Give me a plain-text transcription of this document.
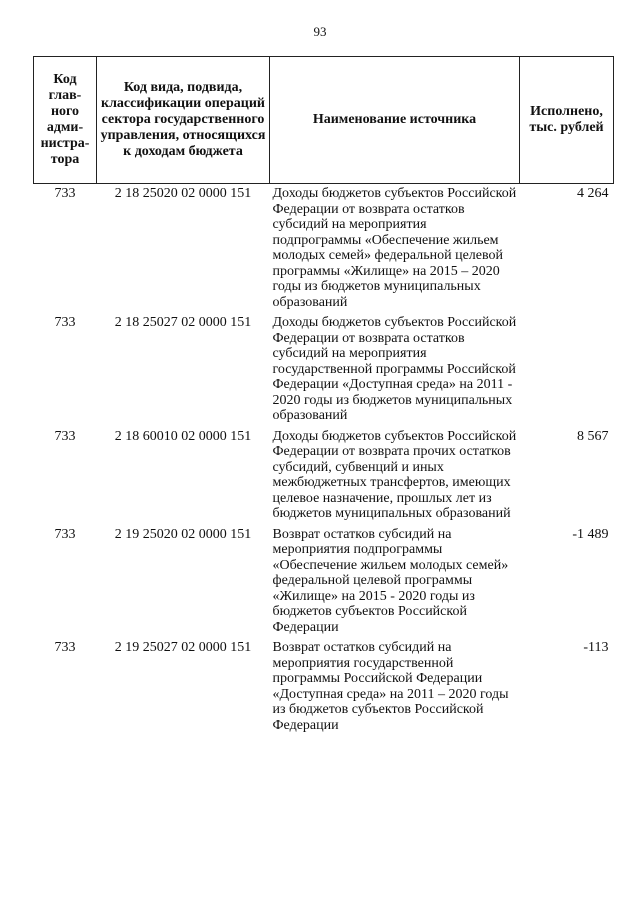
93
Код глав-ного адми-нистра-тора	Код вида, подвида, классификации операций сектора государственного управления, относящихся к доходам бюджета	Наименование источника	Исполнено, тыс. рублей
733	2 18 25020 02 0000 151	Доходы бюджетов субъектов Российской Федерации от возврата остатков субсидий на мероприятия подпрограммы «Обеспечение жильем молодых семей» федеральной целевой программы «Жилище» на 2015 – 2020 годы из бюджетов муниципальных образований	4 264
733	2 18 25027 02 0000 151	Доходы бюджетов субъектов Российской Федерации от возврата остатков субсидий на мероприятия государственной программы Российской Федерации «Доступная среда» на 2011 - 2020 годы из бюджетов муниципальных образований	
733	2 18 60010 02 0000 151	Доходы бюджетов субъектов Российской Федерации от возврата прочих остатков субсидий, субвенций и иных межбюджетных трансфертов, имеющих целевое назначение, прошлых лет из бюджетов муниципальных образований	8 567
733	2 19 25020 02 0000 151	Возврат остатков субсидий на мероприятия подпрограммы «Обеспечение жильем молодых семей» федеральной целевой программы «Жилище» на 2015 - 2020 годы из бюджетов субъектов Российской Федерации	-1 489
733	2 19 25027 02 0000 151	Возврат остатков субсидий на мероприятия государственной программы Российской Федерации «Доступная среда» на 2011 – 2020 годы из бюджетов субъектов Российской Федерации	-113
